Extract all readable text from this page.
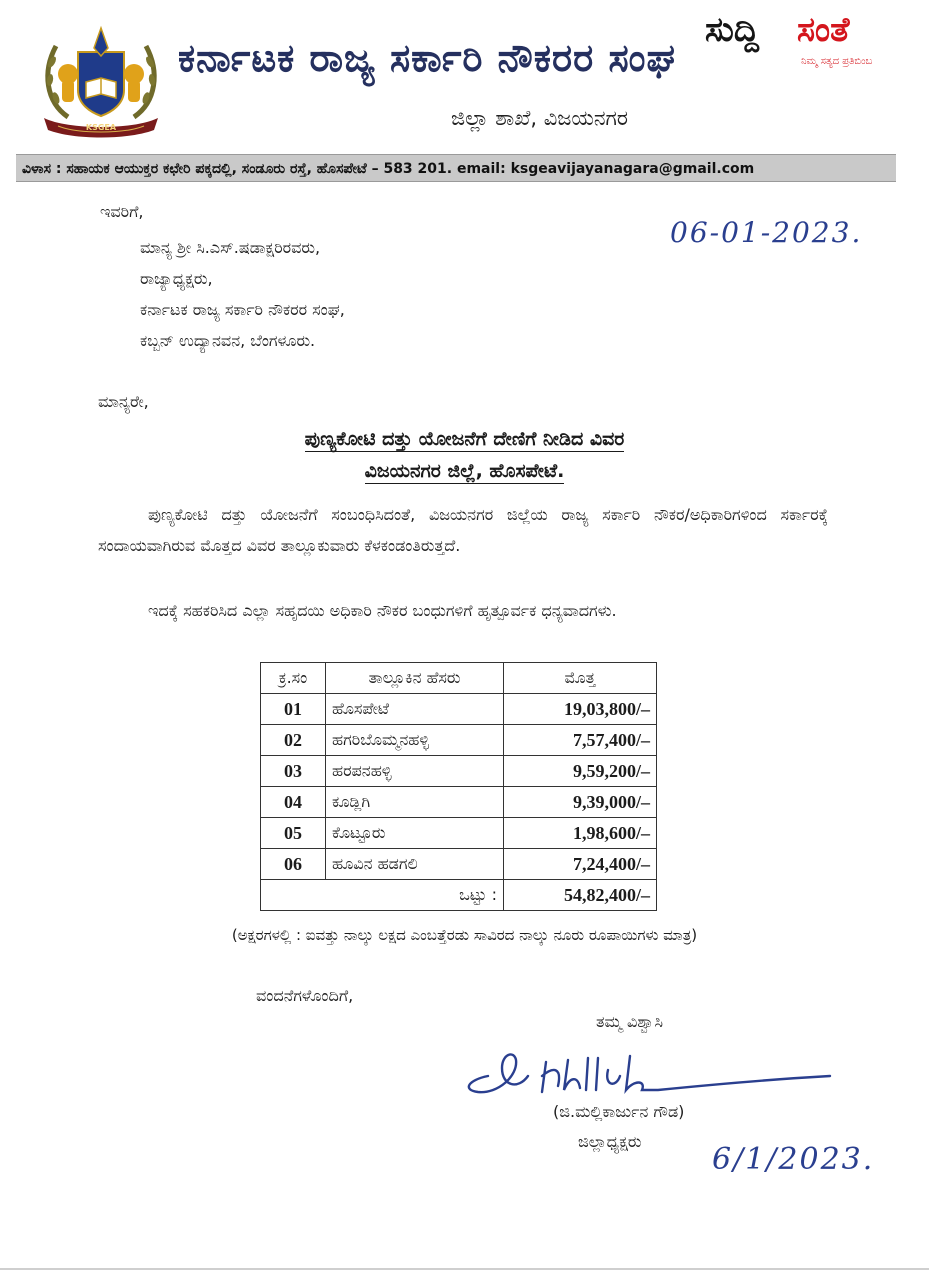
KSGEA
ಕರ್ನಾಟಕ ರಾಜ್ಯ ಸರ್ಕಾರಿ ನೌಕರರ ಸಂಘ
ಜಿಲ್ಲಾ ಶಾಖೆ, ವಿಜಯನಗರ
ಸುದ್ದಿ ಸಂತೆ
ನಿಮ್ಮ ಸತ್ಯದ ಪ್ರತಿಬಿಂಬ
ವಿಳಾಸ : ಸಹಾಯಕ ಆಯುಕ್ತರ ಕಛೇರಿ ಪಕ್ಕದಲ್ಲಿ, ಸಂಡೂರು ರಸ್ತೆ, ಹೊಸಪೇಟೆ – 583 201. email: ksgeavijayanagara@gmail.com
ಇವರಿಗೆ,
ಮಾನ್ಯ ಶ್ರೀ ಸಿ.ಎಸ್.ಷಡಾಕ್ಷರಿರವರು,
ರಾಜ್ಯಾಧ್ಯಕ್ಷರು,
ಕರ್ನಾಟಕ ರಾಜ್ಯ ಸರ್ಕಾರಿ ನೌಕರರ ಸಂಘ,
ಕಬ್ಬನ್ ಉದ್ಯಾನವನ, ಬೆಂಗಳೂರು.
06-01-2023.
ಮಾನ್ಯರೇ,
ಪುಣ್ಯಕೋಟಿ ದತ್ತು ಯೋಜನೆಗೆ ದೇಣಿಗೆ ನೀಡಿದ ವಿವರ
ವಿಜಯನಗರ ಜಿಲ್ಲೆ, ಹೊಸಪೇಟೆ.
ಪುಣ್ಯಕೋಟಿ ದತ್ತು ಯೋಜನೆಗೆ ಸಂಬಂಧಿಸಿದಂತೆ, ವಿಜಯನಗರ ಜಿಲ್ಲೆಯ ರಾಜ್ಯ ಸರ್ಕಾರಿ ನೌಕರ/ಅಧಿಕಾರಿಗಳಿಂದ ಸರ್ಕಾರಕ್ಕೆ ಸಂದಾಯವಾಗಿರುವ ಮೊತ್ತದ ವಿವರ ತಾಲ್ಲೂಕುವಾರು ಕೆಳಕಂಡಂತಿರುತ್ತದೆ.
ಇದಕ್ಕೆ ಸಹಕರಿಸಿದ ಎಲ್ಲಾ ಸಹೃದಯಿ ಅಧಿಕಾರಿ ನೌಕರ ಬಂಧುಗಳಿಗೆ ಹೃತ್ಪೂರ್ವಕ ಧನ್ಯವಾದಗಳು.
ಕ್ರ.ಸಂ	ತಾಲ್ಲೂಕಿನ ಹೆಸರು	ಮೊತ್ತ
01	ಹೊಸಪೇಟೆ	19,03,800/–
02	ಹಗರಿಬೊಮ್ಮನಹಳ್ಳಿ	7,57,400/–
03	ಹರಪನಹಳ್ಳಿ	9,59,200/–
04	ಕೂಡ್ಲಿಗಿ	9,39,000/–
05	ಕೊಟ್ಟೂರು	1,98,600/–
06	ಹೂವಿನ ಹಡಗಲಿ	7,24,400/–
ಒಟ್ಟು :		54,82,400/–
(ಅಕ್ಷರಗಳಲ್ಲಿ : ಐವತ್ತು ನಾಲ್ಕು ಲಕ್ಷದ ಎಂಬತ್ತೆರಡು ಸಾವಿರದ ನಾಲ್ಕು ನೂರು ರೂಪಾಯಿಗಳು ಮಾತ್ರ)
ವಂದನೆಗಳೊಂದಿಗೆ,
ತಮ್ಮ ವಿಶ್ವಾಸಿ
(ಜಿ.ಮಲ್ಲಿಕಾರ್ಜುನ ಗೌಡ)
ಜಿಲ್ಲಾಧ್ಯಕ್ಷರು
6/1/2023.
